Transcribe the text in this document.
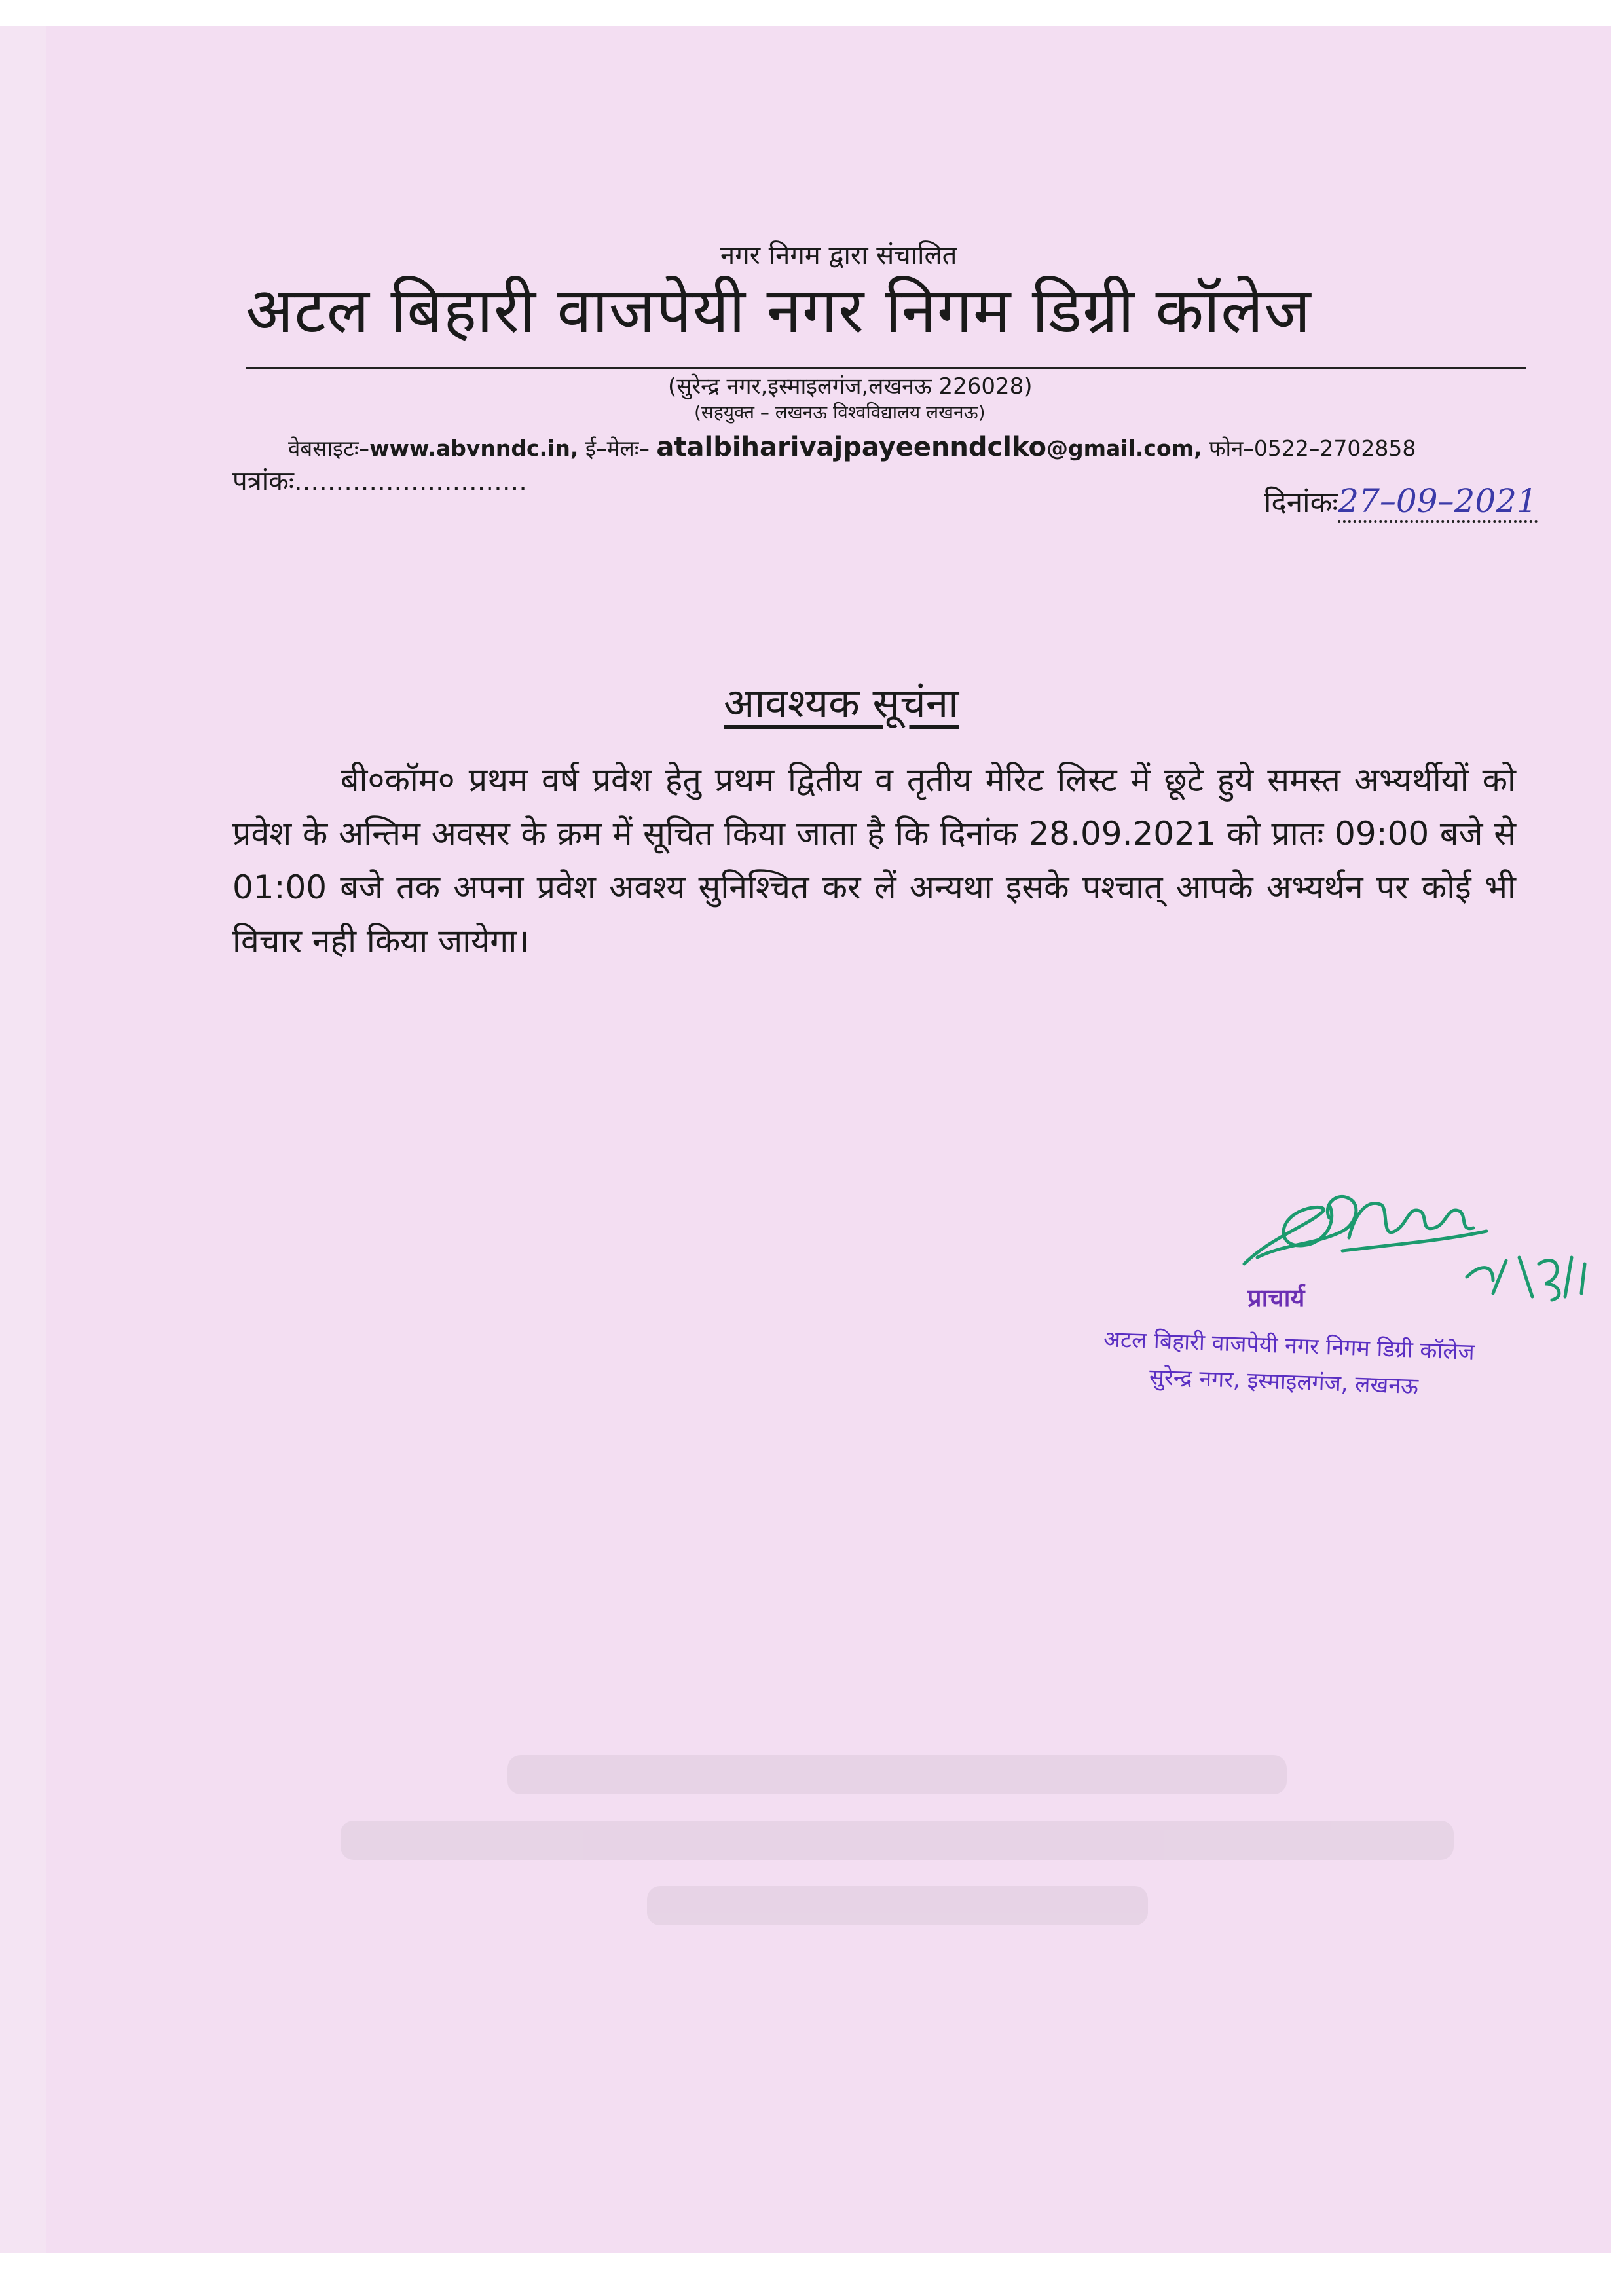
नगर निगम द्वारा संचालित
अटल बिहारी वाजपेयी नगर निगम डिग्री कॉलेज
(सुरेन्द्र नगर,इस्माइलगंज,लखनऊ 226028)
(सहयुक्त – लखनऊ विश्वविद्यालय लखनऊ)
वेबसाइटः–www.abvnndc.in, ई–मेलः– atalbiharivajpayeenndclko@gmail.com, फोन–0522–2702858
पत्रांकः............................
दिनांकः27–09–2021
आवश्यक सूचंना
बी०कॉम० प्रथम वर्ष प्रवेश हेतु प्रथम द्वितीय व तृतीय मेरिट लिस्ट में छूटे हुये समस्त अभ्यर्थीयों को प्रवेश के अन्तिम अवसर के क्रम में सूचित किया जाता है कि दिनांक 28.09.2021 को प्रातः 09:00 बजे से 01:00 बजे तक अपना प्रवेश अवश्य सुनिश्चित कर लें अन्यथा इसके पश्चात् आपके अभ्यर्थन पर कोई भी विचार नही किया जायेगा।
प्राचार्य
अटल बिहारी वाजपेयी नगर निगम डिग्री कॉलेज
सुरेन्द्र नगर, इस्माइलगंज, लखनऊ
